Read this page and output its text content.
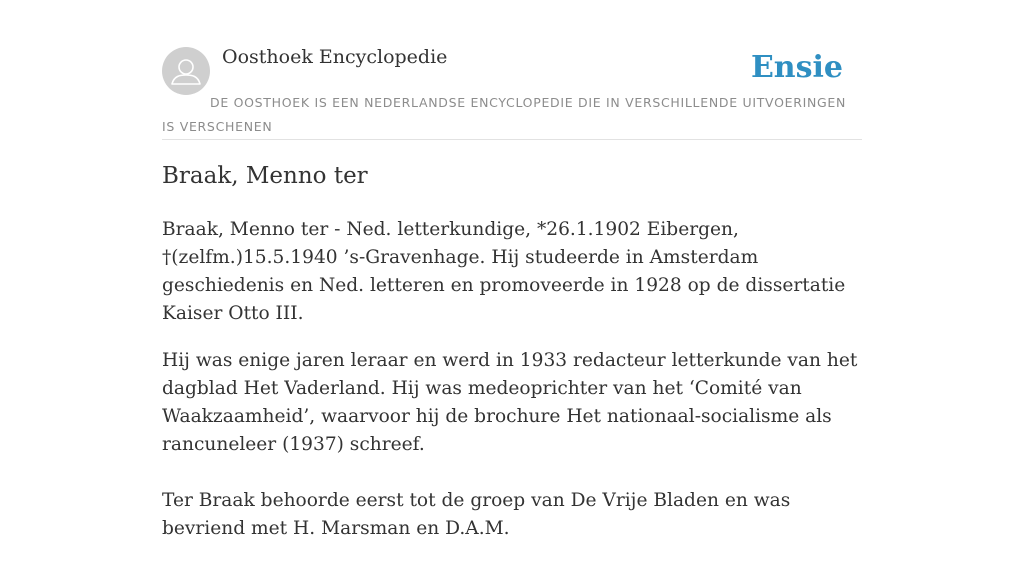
Oosthoek Encyclopedie	Ensie
DE OOSTHOEK IS EEN NEDERLANDSE ENCYCLOPEDIE DIE IN VERSCHILLENDE UITVOERINGEN IS VERSCHENEN
Braak, Menno ter

Braak, Menno ter - Ned. letterkundige, *26.1.1902 Eibergen, †(zelfm.)15.5.1940 ’s-Gravenhage. Hij studeerde in Amsterdam geschiedenis en Ned. letteren en promoveerde in 1928 op de dissertatie Kaiser Otto III.

Hij was enige jaren leraar en werd in 1933 redacteur letterkunde van het dagblad Het Vaderland. Hij was medeoprichter van het ‘Comité van Waakzaamheid’, waarvoor hij de brochure Het nationaal-socialisme als rancuneleer (1937) schreef.

Ter Braak behoorde eerst tot de groep van De Vrije Bladen en was bevriend met H. Marsman en D.A.M.
